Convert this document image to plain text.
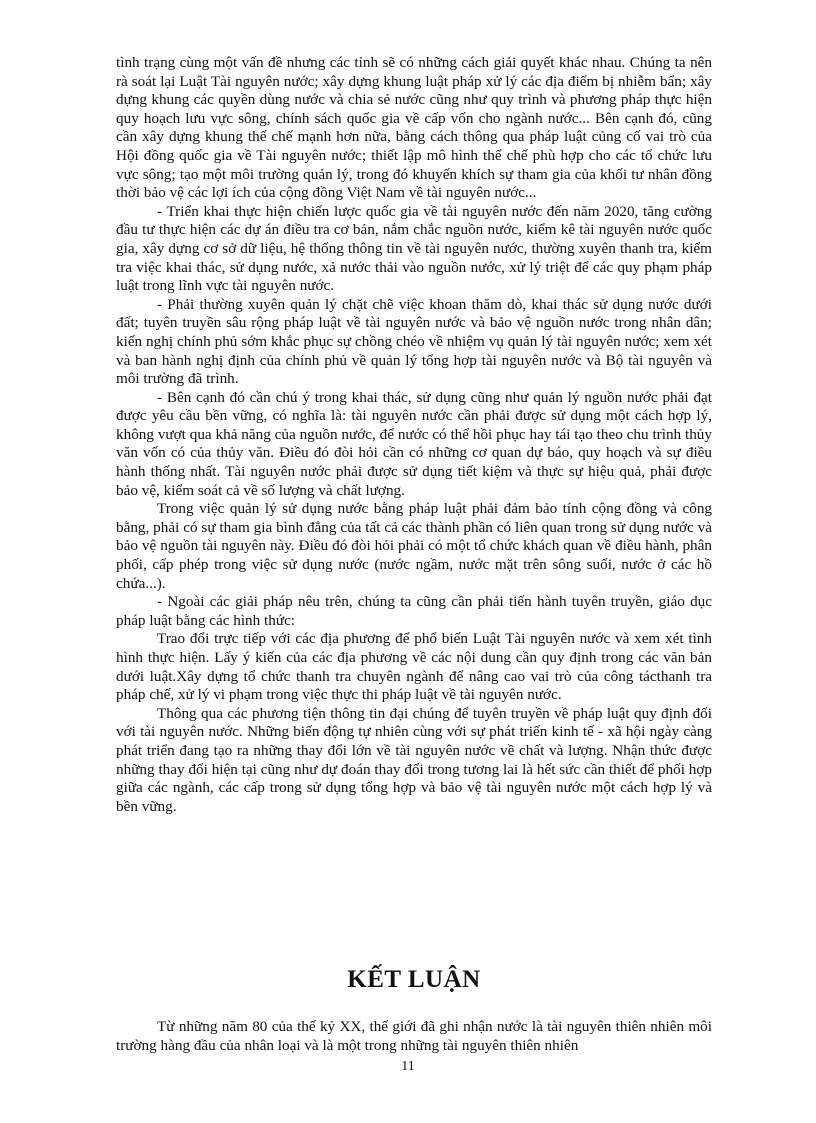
tình trạng cùng một vấn đề nhưng các tỉnh sẽ có những cách giải quyết khác nhau. Chúng ta nên rà soát lại Luật Tài nguyên nước; xây dựng khung luật pháp xử lý các địa điểm bị nhiễm bẩn; xây dựng khung các quyền dùng nước và chia sẻ nước cũng như quy trình và phương pháp thực hiện quy hoạch lưu vực sông, chính sách quốc gia về cấp vốn cho ngành nước... Bên cạnh đó, cũng cần xây dựng khung thể chế mạnh hơn nữa, bằng cách thông qua pháp luật củng cố vai trò của Hội đồng quốc gia về Tài nguyên nước; thiết lập mô hình thể chế phù hợp cho các tổ chức lưu vực sông; tạo một môi trường quản lý, trong đó khuyến khích sự tham gia của khối tư nhân đồng thời bảo vệ các lợi ích của cộng đồng Việt Nam về tài nguyên nước...

- Triển khai thực hiện chiến lược quốc gia về tài nguyên nước đến năm 2020, tăng cường đầu tư thực hiện các dự án điều tra cơ bản, nắm chắc nguồn nước, kiểm kê tài nguyên nước quốc gia, xây dựng cơ sở dữ liệu, hệ thống thông tin về tài nguyên nước, thường xuyên thanh tra, kiểm tra việc khai thác, sử dụng nước, xả nước thải vào nguồn nước, xử lý triệt để các quy phạm pháp luật trong lĩnh vực tài nguyên nước.

- Phải thường xuyên quản lý chặt chẽ việc khoan thăm dò, khai thác sử dụng nước dưới đất; tuyên truyền sâu rộng pháp luật về tài nguyên nước và bảo vệ nguồn nước trong nhân dân; kiến nghị chính phủ sớm khắc phục sự chồng chéo về nhiệm vụ quản lý tài nguyên nước; xem xét và ban hành nghị định của chính phủ về quản lý tổng hợp tài nguyên nước và Bộ tài nguyên và môi trường đã trình.

- Bên cạnh đó cần chú ý trong khai thác, sử dụng cũng như quản lý nguồn nước phải đạt được yêu cầu bền vững, có nghĩa là: tài nguyên nước cần phải được sử dụng một cách hợp lý, không vượt qua khả năng của nguồn nước, để nước có thể hồi phục hay tái tạo theo chu trình thủy văn vốn có của thủy văn. Điều đó đòi hỏi cần có những cơ quan dự báo, quy hoạch và sự điều hành thống nhất. Tài nguyên nước phải được sử dụng tiết kiệm và thực sự hiệu quả, phải được bảo vệ, kiểm soát cả về số lượng và chất lượng.

Trong việc quản lý sử dụng nước bằng pháp luật phải đảm bảo tính cộng đồng và công bằng, phải có sự tham gia bình đẳng của tất cả các thành phần có liên quan trong sử dụng nước và bảo vệ nguồn tài nguyên này. Điều đó đòi hỏi phải có một tổ chức khách quan về điều hành, phân phối, cấp phép trong việc sử dụng nước (nước ngầm, nước mặt trên sông suối, nước ở các hồ chứa...).

- Ngoài các giải pháp nêu trên, chúng ta cũng cần phải tiến hành tuyên truyền, giáo dục pháp luật bằng các hình thức:

Trao đổi trực tiếp với các địa phương để phổ biến Luật Tài nguyên nước và xem xét tình hình thực hiện. Lấy ý kiến của các địa phương về các nội dung cần quy định trong các văn bản dưới luật.Xây dựng tổ chức thanh tra chuyên ngành để nâng cao vai trò của công tácthanh tra pháp chế, xử lý vi phạm trong việc thực thi pháp luật về tài nguyên nước.

Thông qua các phương tiện thông tin đại chúng để tuyên truyền về pháp luật quy định đối với tài nguyên nước. Những biến động tự nhiên cùng với sự phát triển kinh tế - xã hội ngày càng phát triển đang tạo ra những thay đổi lớn về tài nguyên nước về chất và lượng. Nhận thức được những thay đổi hiện tại cũng như dự đoán thay đổi trong tương lai là hết sức cần thiết để phối hợp giữa các ngành, các cấp trong sử dụng tổng hợp và bảo vệ tài nguyên nước một cách hợp lý và bền vững.

KẾT LUẬN

Từ những năm 80 của thế kỷ XX, thế giới đã ghi nhận nước là tài nguyên thiên nhiên môi trường hàng đầu của nhân loại và là một trong những tài nguyên thiên nhiên

11
